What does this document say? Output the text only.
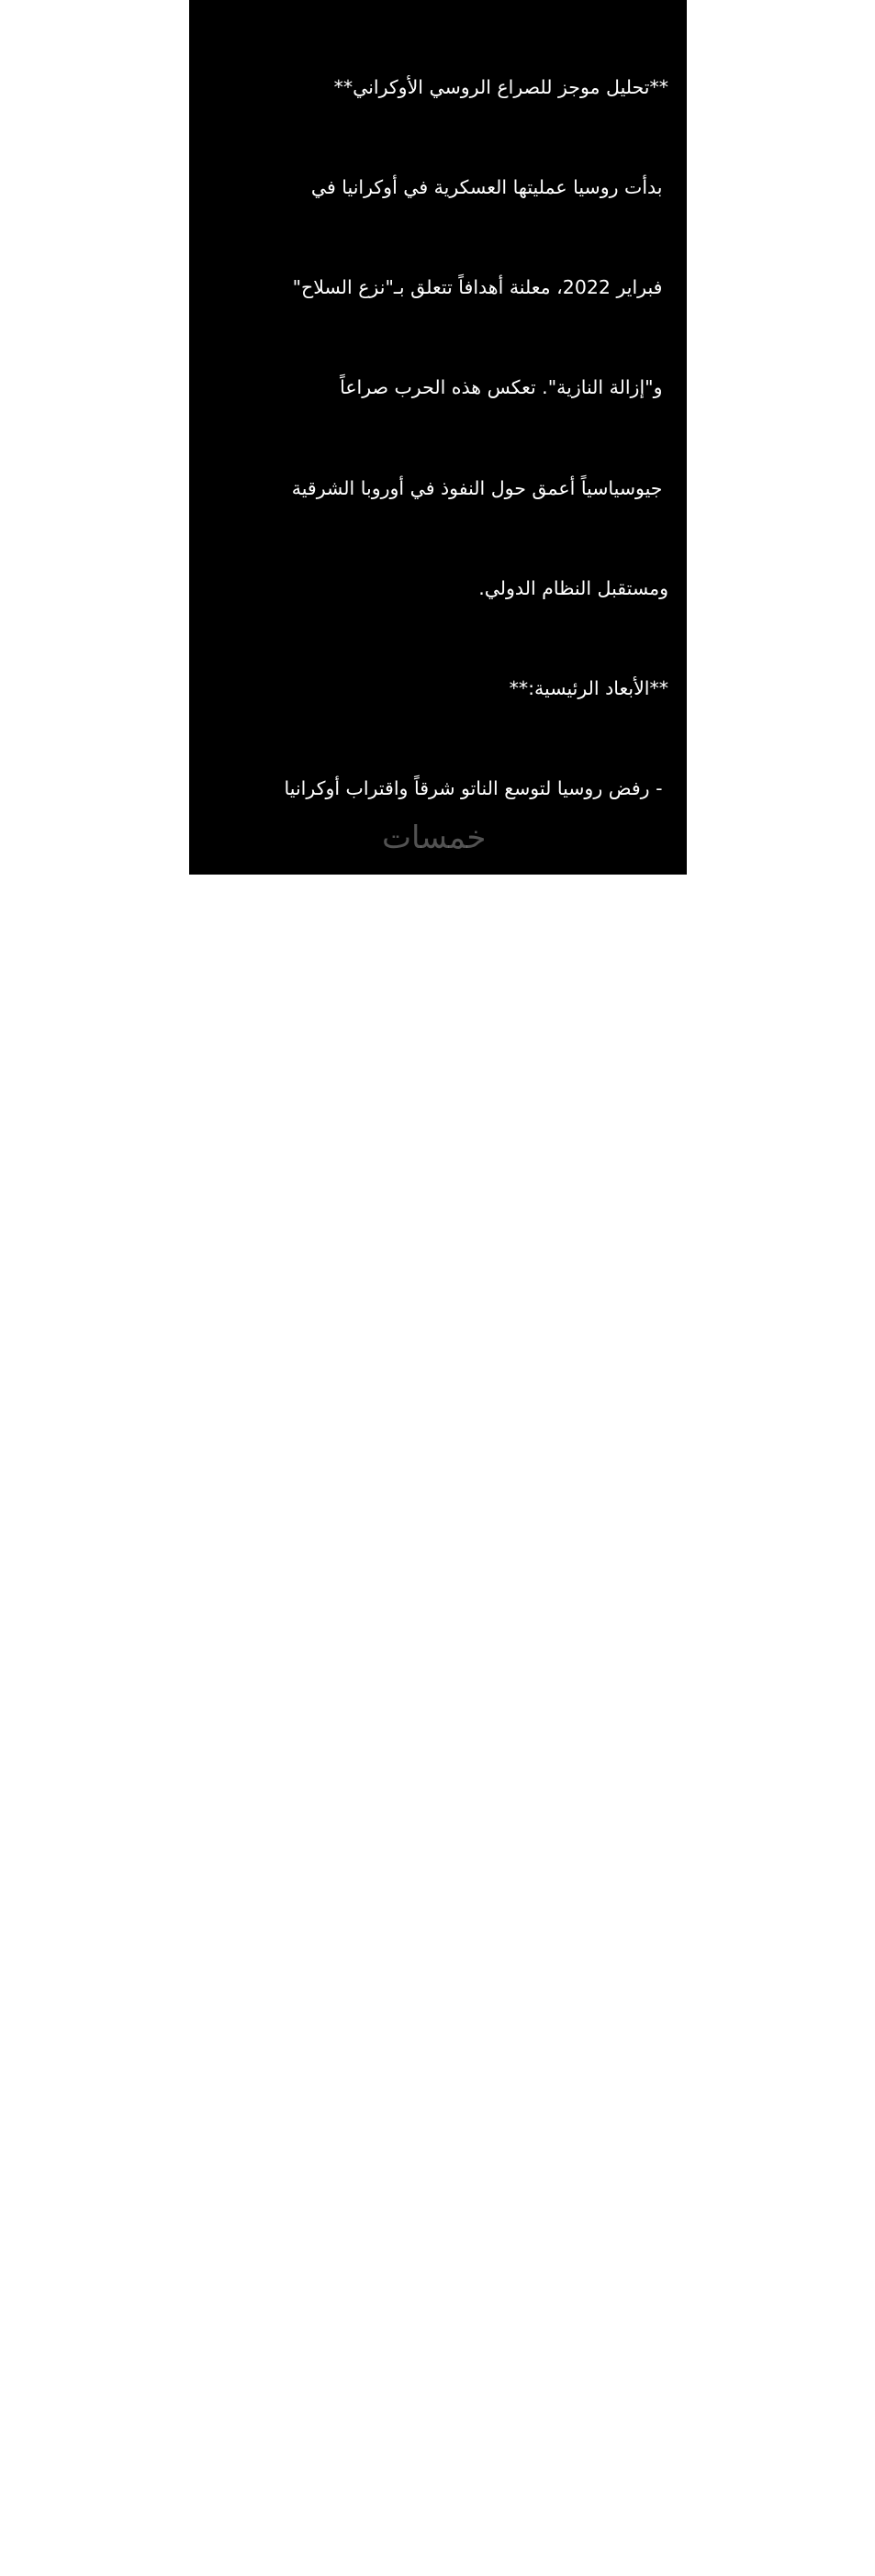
**تحليل موجز للصراع الروسي الأوكراني**

بدأت روسيا عمليتها العسكرية في أوكرانيا في

فبراير 2022، معلنة أهدافاً تتعلق بـ"نزع السلاح"

و"إزالة النازية". تعكس هذه الحرب صراعاً

جيوسياسياً أعمق حول النفوذ في أوروبا الشرقية

ومستقبل النظام الدولي.

**الأبعاد الرئيسية:**

- رفض روسيا لتوسع الناتو شرقاً واقتراب أوكرانيا

من الغرب

- الصراع على الهوية: هل أوكرانيا دولة مستقلة أم

جزء من "العالم الروسي"؟

- التنافس بين القوى العظمى وإعادة تشكيل النظام

العالمي

**التأثيرات:**

- أزمة إنسانية مع ملايين اللاجئين والنازحين

- اضطرابات اقتصادية عالمية (الطاقة، الغذاء،

التضخم)

- إعادة تسليح أوروبا وتقوية تماسك الناتو

- تعميق الانقسام بين الشرق والغرب

**التوقعات:**

الصراع يبدو طويل الأمد دون حل واضح في الأفق.

كلا الطرفين يواجه تحديات عسكرية واقتصادية.

المفاوضات تتطلب تنازلات صعبة من الجانبين.

النتيجة ستحدد شكل النظام الدولي والأمن

الأوروبي لعقود قادمة.

خمسات
